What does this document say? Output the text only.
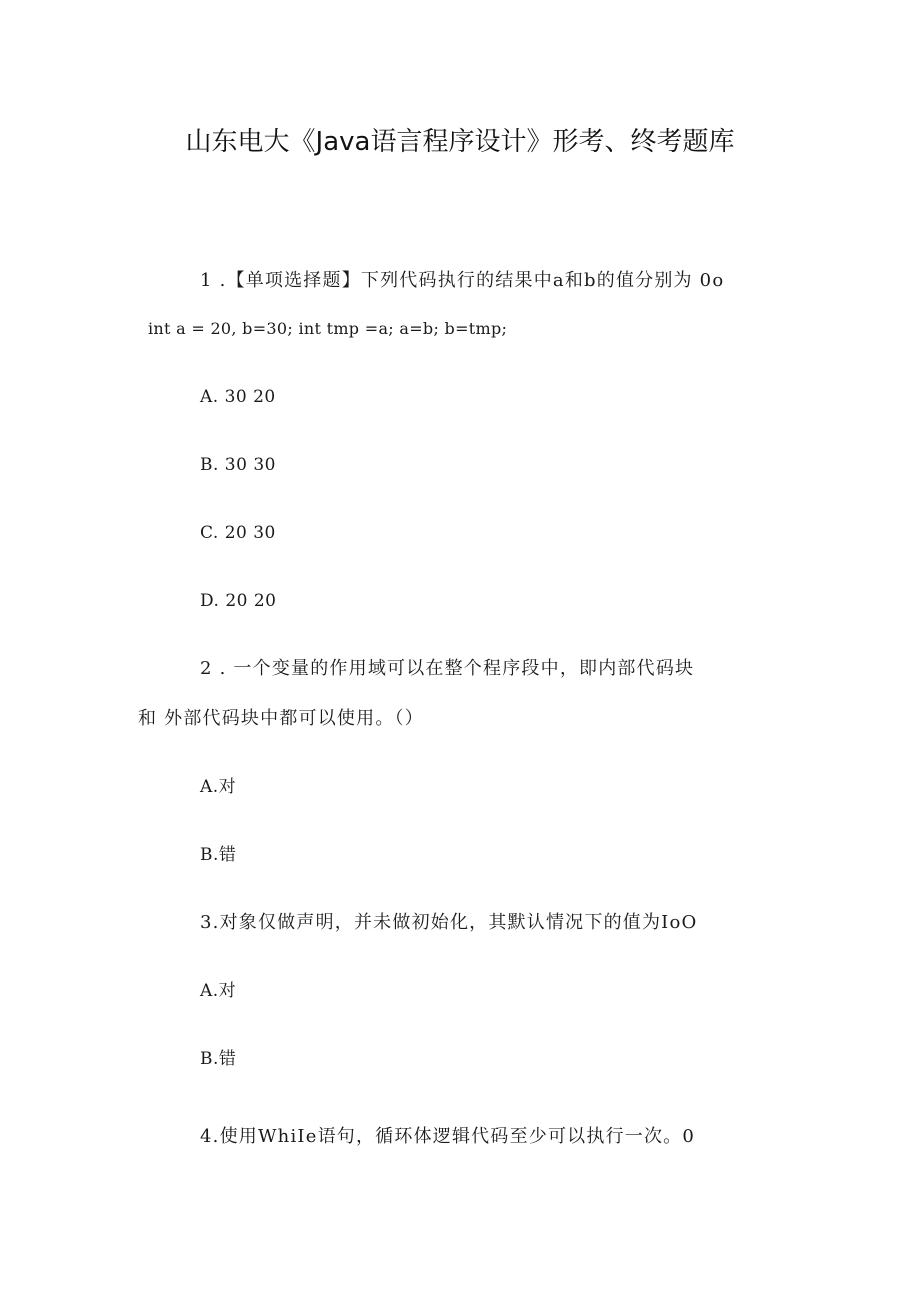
山东电大《Java语言程序设计》形考、终考题库
1 .【单项选择题】下列代码执行的结果中a和b的值分别为 0o
int a = 20, b=30; int tmp =a; a=b; b=tmp;
A. 30 20
B. 30 30
C. 20 30
D. 20 20
2 . 一个变量的作用域可以在整个程序段中，即内部代码块
和 外部代码块中都可以使用。（）
A.对
B.错
3.对象仅做声明，并未做初始化，其默认情况下的值为IoO
A.对
B.错
4.使用WhiIe语句，循环体逻辑代码至少可以执行一次。0
